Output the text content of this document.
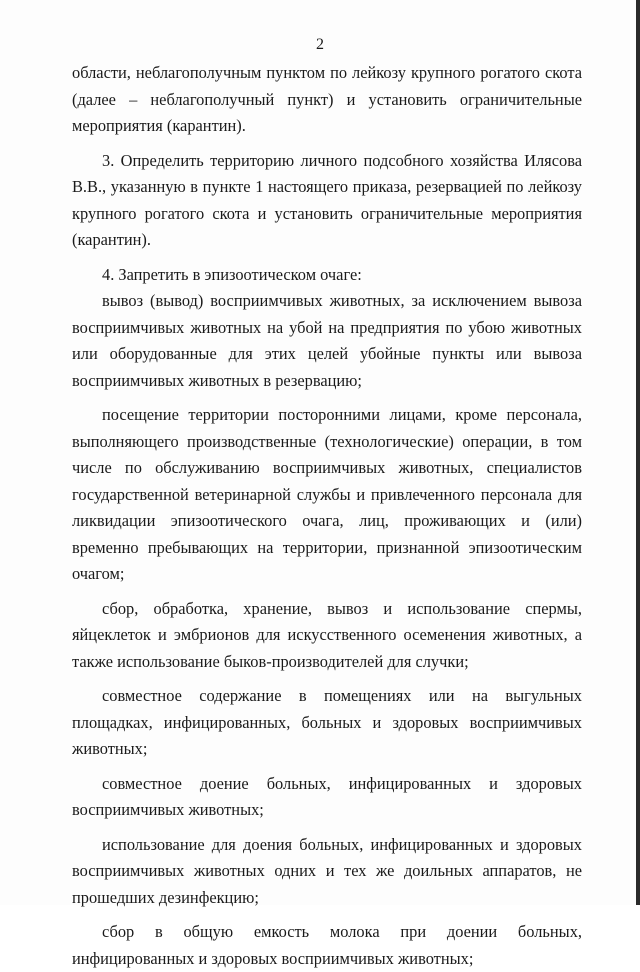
2

области, неблагополучным пунктом по лейкозу крупного рогатого скота (далее – неблагополучный пункт) и установить ограничительные мероприятия (карантин).

3. Определить территорию личного подсобного хозяйства Илясова В.В., указанную в пункте 1 настоящего приказа, резервацией по лейкозу крупного рогатого скота и установить ограничительные мероприятия (карантин).

4. Запретить в эпизоотическом очаге:

вывоз (вывод) восприимчивых животных, за исключением вывоза восприимчивых животных на убой на предприятия по убою животных или оборудованные для этих целей убойные пункты или вывоза восприимчивых животных в резервацию;

посещение территории посторонними лицами, кроме персонала, выполняющего производственные (технологические) операции, в том числе по обслуживанию восприимчивых животных, специалистов государственной ветеринарной службы и привлеченного персонала для ликвидации эпизоотического очага, лиц, проживающих и (или) временно пребывающих на территории, признанной эпизоотическим очагом;

сбор, обработка, хранение, вывоз и использование спермы, яйцеклеток и эмбрионов для искусственного осеменения животных, а также использование быков-производителей для случки;

совместное содержание в помещениях или на выгульных площадках, инфицированных, больных и здоровых восприимчивых животных;

совместное доение больных, инфицированных и здоровых восприимчивых животных;

использование для доения больных, инфицированных и здоровых восприимчивых животных одних и тех же доильных аппаратов, не прошедших дезинфекцию;

сбор в общую емкость молока при доении больных, инфицированных и здоровых восприимчивых животных;
